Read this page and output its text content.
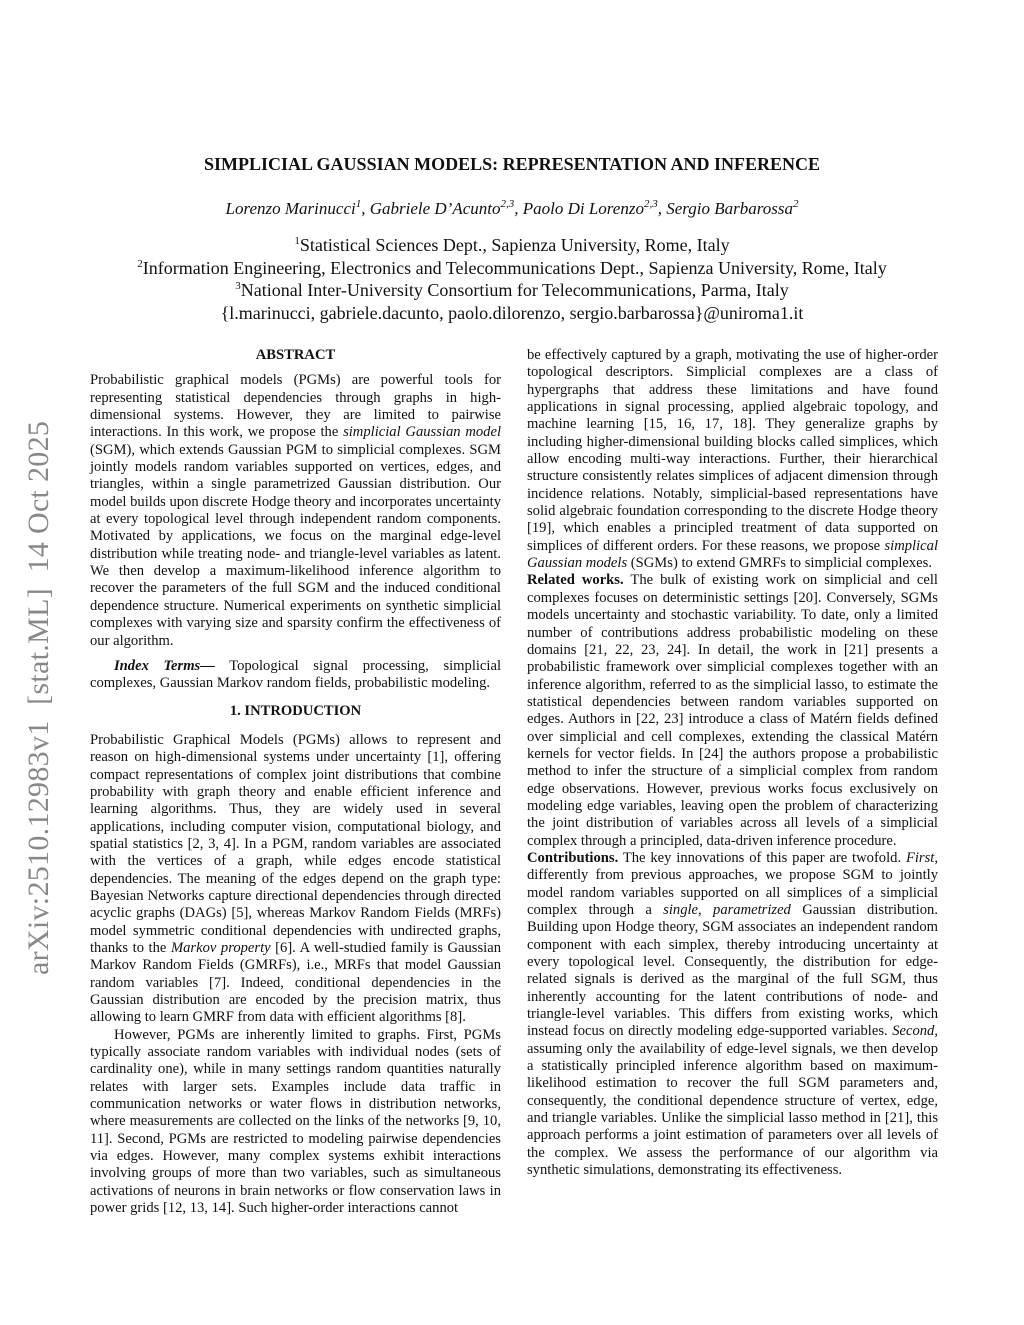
arXiv:2510.12983v1  [stat.ML]  14 Oct 2025
SIMPLICIAL GAUSSIAN MODELS: REPRESENTATION AND INFERENCE
Lorenzo Marinucci$^1$, Gabriele D’Acunto$^{2,3}$, Paolo Di Lorenzo$^{2,3}$, Sergio Barbarossa$^2$
$^1$Statistical Sciences Dept., Sapienza University, Rome, Italy
$^2$Information Engineering, Electronics and Telecommunications Dept., Sapienza University, Rome, Italy
$^3$National Inter-University Consortium for Telecommunications, Parma, Italy
{l.marinucci, gabriele.dacunto, paolo.dilorenzo, sergio.barbarossa}@uniroma1.it
ABSTRACT

Probabilistic graphical models (PGMs) are powerful tools for representing statistical dependencies through graphs in high-dimensional systems. However, they are limited to pairwise interactions. In this work, we propose the simplicial Gaussian model (SGM), which extends Gaussian PGM to simplicial complexes. SGM jointly models random variables supported on vertices, edges, and triangles, within a single parametrized Gaussian distribution. Our model builds upon discrete Hodge theory and incorporates uncertainty at every topological level through independent random components. Motivated by applications, we focus on the marginal edge-level distribution while treating node- and triangle-level variables as latent. We then develop a maximum-likelihood inference algorithm to recover the parameters of the full SGM and the induced conditional dependence structure. Numerical experiments on synthetic simplicial complexes with varying size and sparsity confirm the effectiveness of our algorithm.

Index Terms— Topological signal processing, simplicial complexes, Gaussian Markov random fields, probabilistic modeling.

1. INTRODUCTION

Probabilistic Graphical Models (PGMs) allows to represent and reason on high-dimensional systems under uncertainty [1], offering compact representations of complex joint distributions that combine probability with graph theory and enable efficient inference and learning algorithms. Thus, they are widely used in several applications, including computer vision, computational biology, and spatial statistics [2, 3, 4]. In a PGM, random variables are associated with the vertices of a graph, while edges encode statistical dependencies. The meaning of the edges depend on the graph type: Bayesian Networks capture directional dependencies through directed acyclic graphs (DAGs) [5], whereas Markov Random Fields (MRFs) model symmetric conditional dependencies with undirected graphs, thanks to the Markov property [6]. A well-studied family is Gaussian Markov Random Fields (GMRFs), i.e., MRFs that model Gaussian random variables [7]. Indeed, conditional dependencies in the Gaussian distribution are encoded by the precision matrix, thus allowing to learn GMRF from data with efficient algorithms [8].

However, PGMs are inherently limited to graphs. First, PGMs typically associate random variables with individual nodes (sets of cardinality one), while in many settings random quantities naturally relates with larger sets. Examples include data traffic in communication networks or water flows in distribution networks, where measurements are collected on the links of the networks [9, 10, 11]. Second, PGMs are restricted to modeling pairwise dependencies via edges. However, many complex systems exhibit interactions involving groups of more than two variables, such as simultaneous activations of neurons in brain networks or flow conservation laws in power grids [12, 13, 14]. Such higher-order interactions cannot

be effectively captured by a graph, motivating the use of higher-order topological descriptors. Simplicial complexes are a class of hypergraphs that address these limitations and have found applications in signal processing, applied algebraic topology, and machine learning [15, 16, 17, 18]. They generalize graphs by including higher-dimensional building blocks called simplices, which allow encoding multi-way interactions. Further, their hierarchical structure consistently relates simplices of adjacent dimension through incidence relations. Notably, simplicial-based representations have solid algebraic foundation corresponding to the discrete Hodge theory [19], which enables a principled treatment of data supported on simplices of different orders. For these reasons, we propose simplical Gaussian models (SGMs) to extend GMRFs to simplicial complexes.

Related works. The bulk of existing work on simplicial and cell complexes focuses on deterministic settings [20]. Conversely, SGMs models uncertainty and stochastic variability. To date, only a limited number of contributions address probabilistic modeling on these domains [21, 22, 23, 24]. In detail, the work in [21] presents a probabilistic framework over simplicial complexes together with an inference algorithm, referred to as the simplicial lasso, to estimate the statistical dependencies between random variables supported on edges. Authors in [22, 23] introduce a class of Matérn fields defined over simplicial and cell complexes, extending the classical Matérn kernels for vector fields. In [24] the authors propose a probabilistic method to infer the structure of a simplicial complex from random edge observations. However, previous works focus exclusively on modeling edge variables, leaving open the problem of characterizing the joint distribution of variables across all levels of a simplicial complex through a principled, data-driven inference procedure.

Contributions. The key innovations of this paper are twofold. First, differently from previous approaches, we propose SGM to jointly model random variables supported on all simplices of a simplicial complex through a single, parametrized Gaussian distribution. Building upon Hodge theory, SGM associates an independent random component with each simplex, thereby introducing uncertainty at every topological level. Consequently, the distribution for edge-related signals is derived as the marginal of the full SGM, thus inherently accounting for the latent contributions of node- and triangle-level variables. This differs from existing works, which instead focus on directly modeling edge-supported variables. Second, assuming only the availability of edge-level signals, we then develop a statistically principled inference algorithm based on maximum-likelihood estimation to recover the full SGM parameters and, consequently, the conditional dependence structure of vertex, edge, and triangle variables. Unlike the simplicial lasso method in [21], this approach performs a joint estimation of parameters over all levels of the complex. We assess the performance of our algorithm via synthetic simulations, demonstrating its effectiveness.
